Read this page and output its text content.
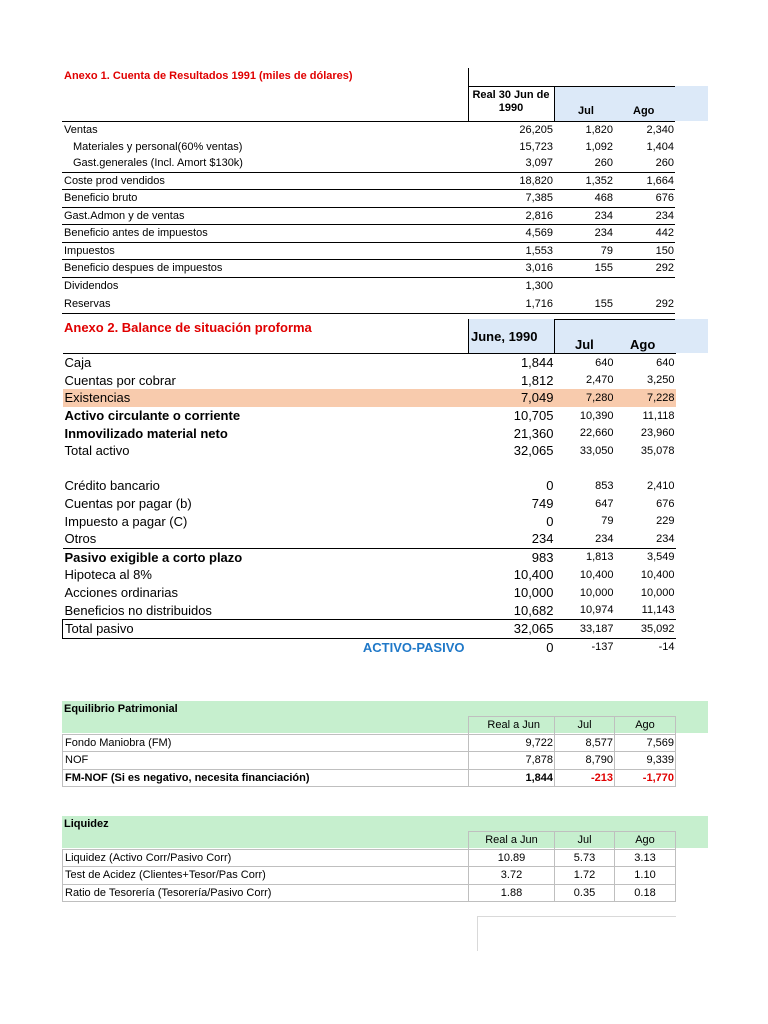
Anexo 1. Cuenta de Resultados 1991 (miles de dólares)
Real 30 Jun de 1990	Jul	Ago
Ventas	26,205	1,820	2,340
Materiales y personal(60% ventas)	15,723	1,092	1,404
Gast.generales (Incl. Amort $130k)	3,097	260	260
Coste prod vendidos	18,820	1,352	1,664
Beneficio bruto	7,385	468	676
Gast.Admon y de ventas	2,816	234	234
Beneficio antes de impuestos	4,569	234	442
Impuestos	1,553	79	150
Beneficio despues de impuestos	3,016	155	292
Dividendos	1,300		
Reservas	1,716	155	292
Anexo 2. Balance de situación proforma
June, 1990
Jul	Ago
Caja	1,844	640	640
Cuentas por cobrar	1,812	2,470	3,250
Existencias	7,049	7,280	7,228
Activo circulante o corriente	10,705	10,390	11,118
Inmovilizado material neto	21,360	22,660	23,960
Total activo	32,065	33,050	35,078

Crédito bancario	0	853	2,410
Cuentas por pagar (b)	749	647	676
Impuesto a pagar (C)	0	79	229
Otros	234	234	234
Pasivo exigible a corto plazo	983	1,813	3,549
Hipoteca al 8%	10,400	10,400	10,400
Acciones ordinarias	10,000	10,000	10,000
Beneficios no distribuidos	10,682	10,974	11,143
Total pasivo	32,065	33,187	35,092
ACTIVO-PASIVO	0	-137	-14
Equilibrio Patrimonial
	Real a Jun	Jul	Ago
Fondo Maniobra (FM)	9,722	8,577	7,569
NOF	7,878	8,790	9,339
FM-NOF (Si es negativo, necesita financiación)	1,844	-213	-1,770
Liquidez
	Real a Jun	Jul	Ago
Liquidez (Activo Corr/Pasivo Corr)	10.89	5.73	3.13
Test de Acidez (Clientes+Tesor/Pas Corr)	3.72	1.72	1.10
Ratio de Tesorería (Tesorería/Pasivo Corr)	1.88	0.35	0.18
